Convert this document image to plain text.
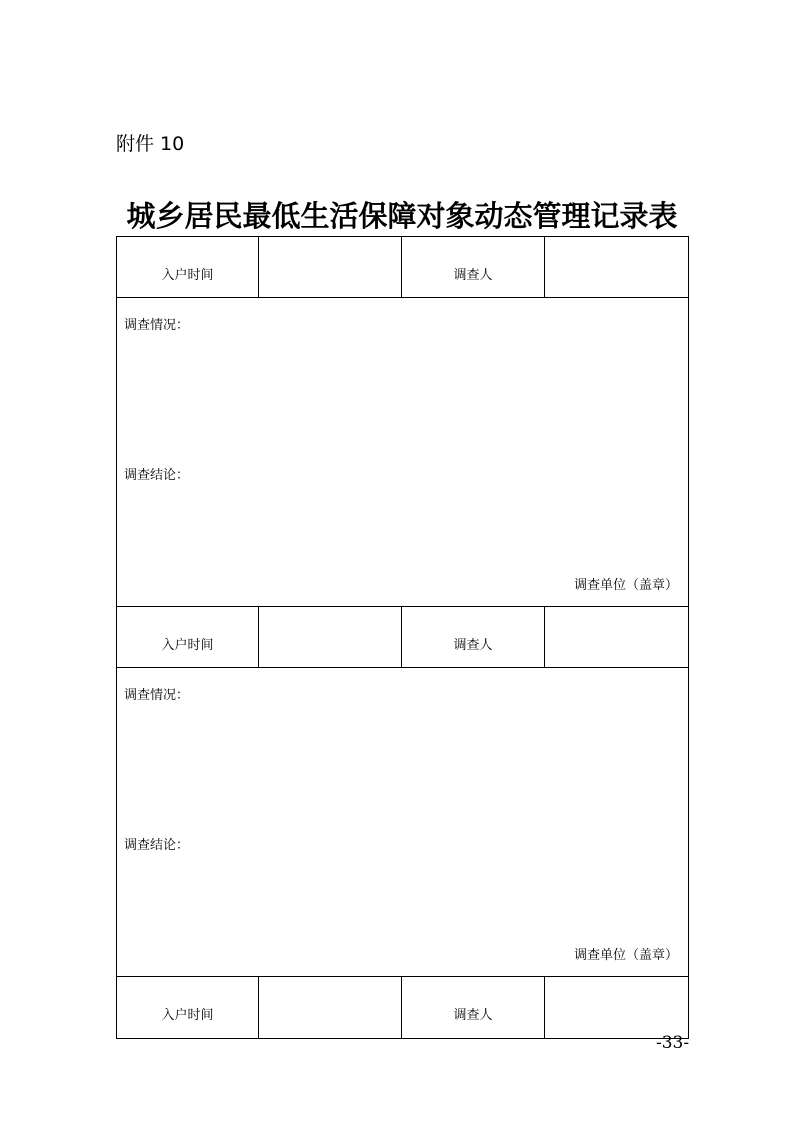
附件 10
城乡居民最低生活保障对象动态管理记录表
入户时间		调查人	

调查情况：
调查结论：
调查单位（盖章）			

入户时间		调查人	

调查情况：
调查结论：
调查单位（盖章）			

入户时间		调查人	
-33-
